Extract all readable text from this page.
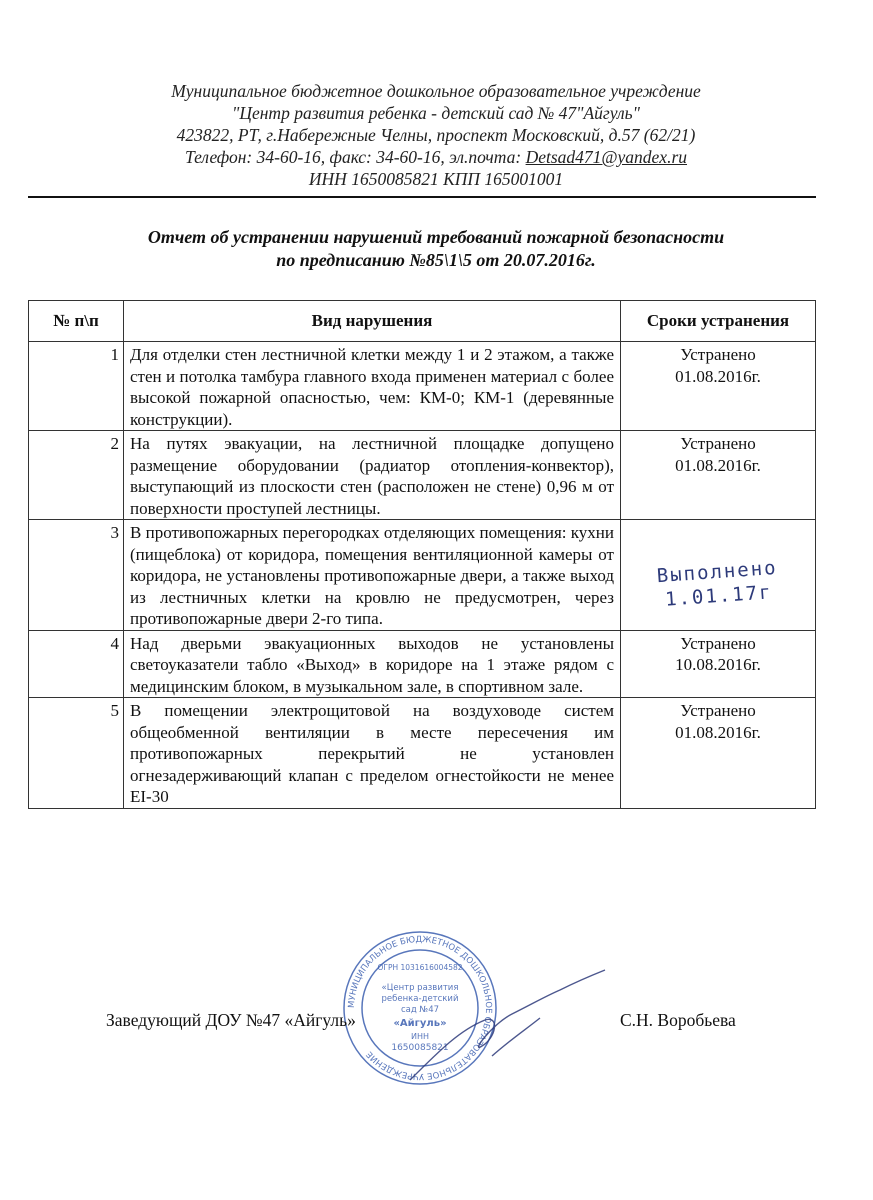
Муниципальное бюджетное дошкольное образовательное учреждение
"Центр развития ребенка - детский сад № 47"Айгуль"
423822, РТ, г.Набережные Челны, проспект Московский, д.57 (62/21)
Телефон: 34-60-16, факс: 34-60-16, эл.почта: Detsad471@yandex.ru
ИНН 1650085821 КПП 165001001
Отчет об устранении нарушений требований пожарной безопасности
по предписанию №85\1\5 от 20.07.2016г.
№ п\п	Вид нарушения	Сроки устранения
1	Для отделки стен лестничной клетки между 1 и 2 этажом, а также стен и потолка тамбура главного входа применен материал с более высокой пожарной опасностью, чем: КМ-0; КМ-1 (деревянные конструкции).	Устранено
01.08.2016г.

2	На путях эвакуации, на лестничной площадке допущено размещение оборудовании (радиатор отопления-конвектор), выступающий из плоскости стен (расположен не стене) 0,96 м от поверхности проступей лестницы.	Устранено
01.08.2016г.

3	В противопожарных перегородках отделяющих помещения: кухни (пищеблока) от коридора, помещения вентиляционной камеры от коридора, не установлены противопожарные двери, а также выход из лестничных клетки на кровлю не предусмотрен, через противопожарные двери 2-го типа.	Выполнено
1.01.17г

4	Над дверьми эвакуационных выходов не установлены светоуказатели табло «Выход» в коридоре на 1 этаже рядом с медицинским блоком, в музыкальном зале, в спортивном зале.	Устранено
10.08.2016г.

5	В помещении электрощитовой на воздуховоде систем общеобменной вентиляции в месте пересечения им противопожарных перекрытий не установлен огнезадерживающий клапан с пределом огнестойкости не менее EI-30	Устранено
01.08.2016г.
МУНИЦИПАЛЬНОЕ БЮДЖЕТНОЕ ДОШКОЛЬНОЕ ОБРАЗОВАТЕЛЬНОЕ УЧРЕЖДЕНИЕ
ОГРН 1031616004582
«Центр развития
ребенка-детский
сад №47
«Айгуль»
ИНН
1650085821
Заведующий ДОУ №47 «Айгуль»	С.Н. Воробьева
